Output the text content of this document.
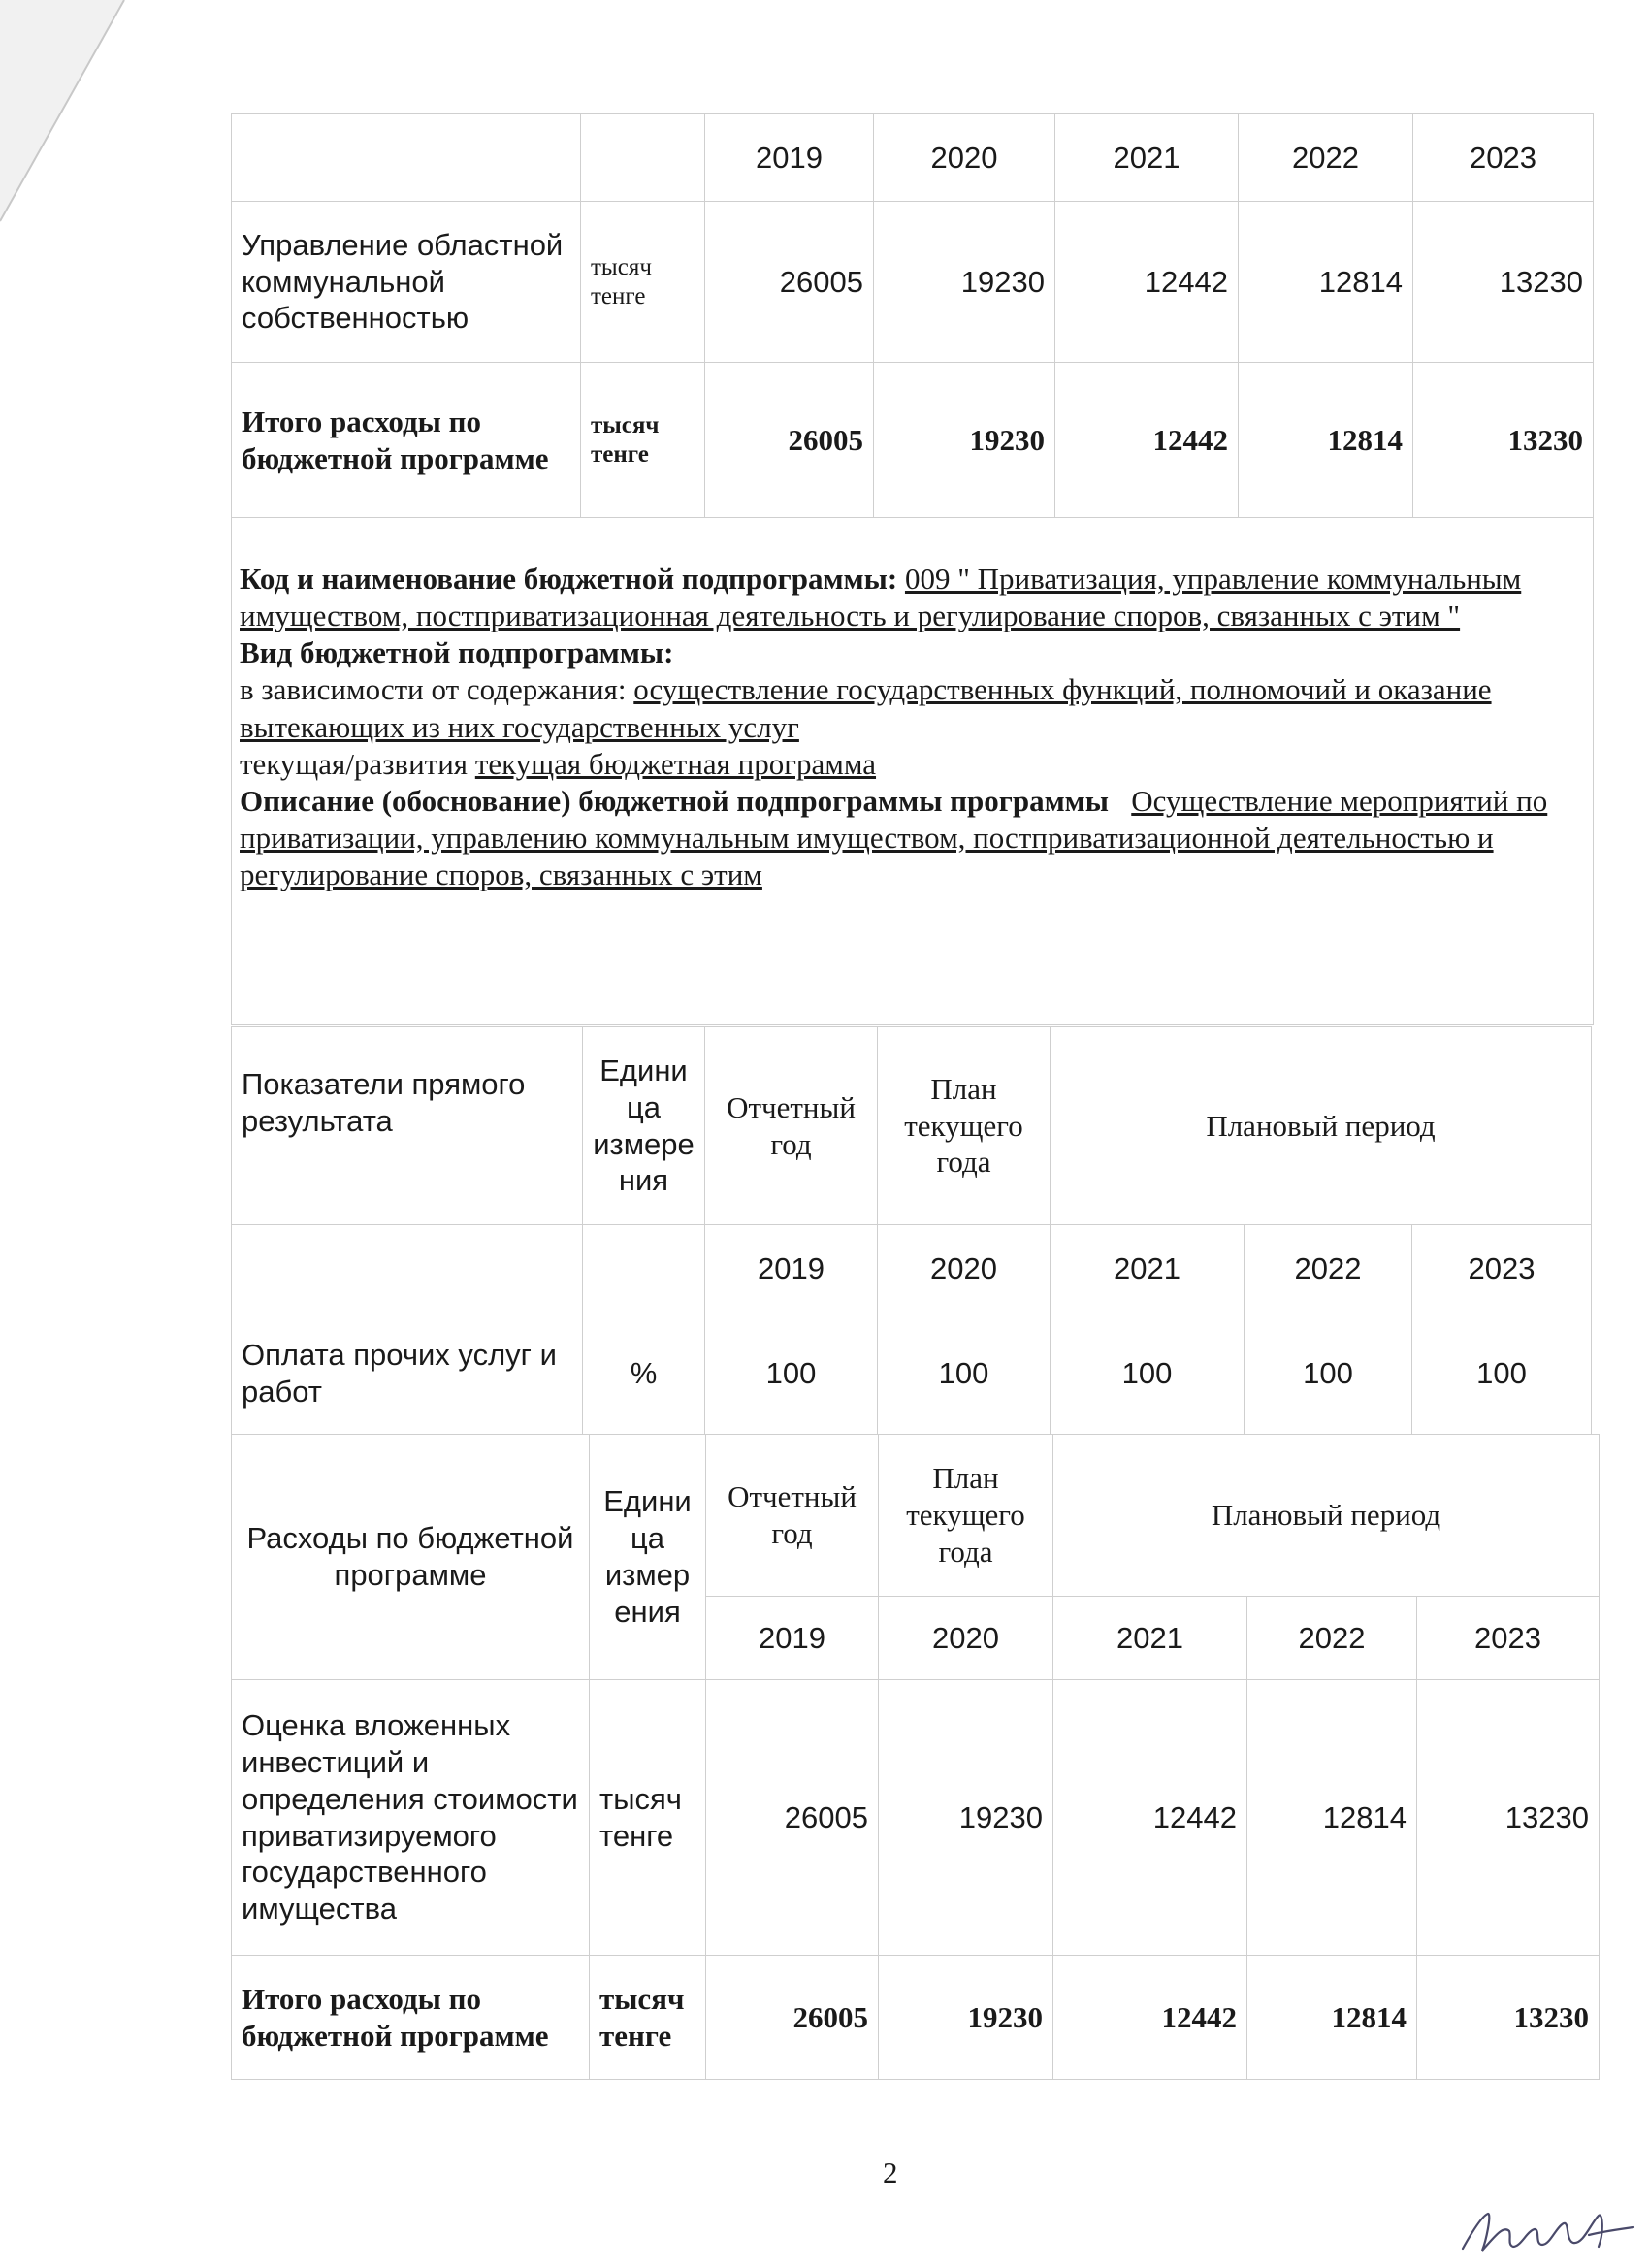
		2019	2020	2021	2022	2023
Управление областной коммунальной собственностью	тысяч тенге	26005	19230	12442	12814	13230
Итого расходы по бюджетной программе	тысяч тенге	26005	19230	12442	12814	13230

Код и наименование бюджетной подпрограммы: 009 " Приватизация, управление коммунальным имуществом, постприватизационная деятельность и регулирование споров, связанных с этим "

Вид бюджетной подпрограммы:

в зависимости от содержания: осуществление государственных функций, полномочий и оказание вытекающих из них государственных услуг

текущая/развития текущая бюджетная программа

Описание (обоснование) бюджетной подпрограммы программы Осуществление мероприятий по приватизации, управлению коммунальным имуществом, постприватизационной деятельностью и регулирование споров, связанных с этим						

Показатели прямого результата	Едини ца измере ния	Отчетный год	План текущего года	Плановый период		
		2019	2020	2021	2022	2023
Оплата прочих услуг и работ	%	100	100	100	100	100
Расходы по бюджетной программе	Едини ца измер ения	Отчетный год	План текущего года	Плановый период		
		2019	2020	2021	2022	2023
Оценка вложенных инвестиций и определения стоимости приватизируемого государственного имущества	тысяч тенге	26005	19230	12442	12814	13230
Итого расходы по бюджетной программе	тысяч тенге	26005	19230	12442	12814	13230
2
